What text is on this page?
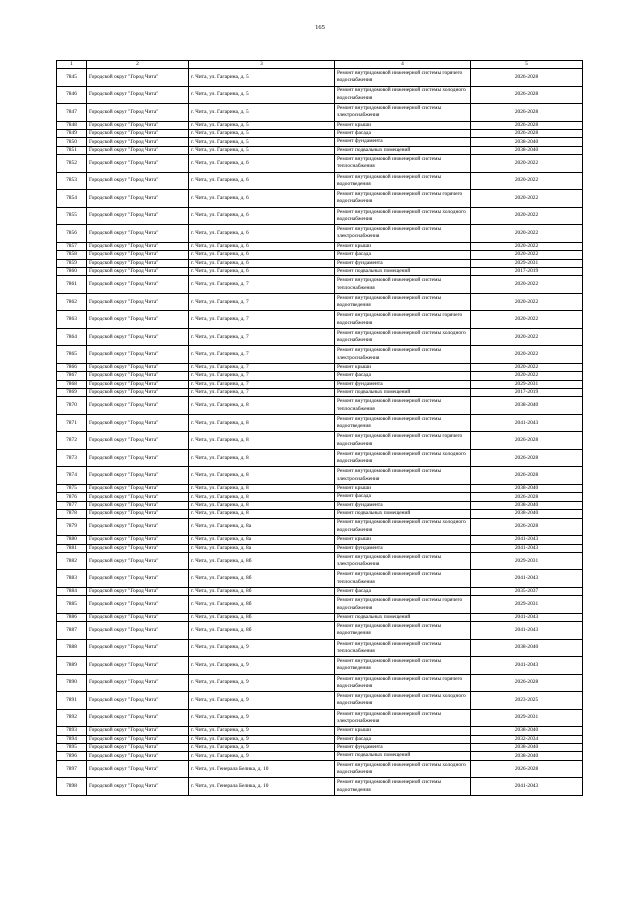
165
1	2	3	4	5
7845	Городской округ "Город Чита"	г. Чита, ул. Гагарина, д. 5	Ремонт внутридомовой инженерной системы горячего водоснабжения	2026-2028
7846	Городской округ "Город Чита"	г. Чита, ул. Гагарина, д. 5	Ремонт внутридомовой инженерной системы холодного водоснабжения	2026-2028
7847	Городской округ "Город Чита"	г. Чита, ул. Гагарина, д. 5	Ремонт внутридомовой инженерной системы электроснабжения	2026-2028
7848	Городской округ "Город Чита"	г. Чита, ул. Гагарина, д. 5	Ремонт крыши	2026-2028
7849	Городской округ "Город Чита"	г. Чита, ул. Гагарина, д. 5	Ремонт фасада	2026-2028
7850	Городской округ "Город Чита"	г. Чита, ул. Гагарина, д. 5	Ремонт фундамента	2038-2040
7851	Городской округ "Город Чита"	г. Чита, ул. Гагарина, д. 5	Ремонт подвальных помещений	2038-2040
7852	Городской округ "Город Чита"	г. Чита, ул. Гагарина, д. 6	Ремонт внутридомовой инженерной системы теплоснабжения	2020-2022
7853	Городской округ "Город Чита"	г. Чита, ул. Гагарина, д. 6	Ремонт внутридомовой инженерной системы водоотведения	2020-2022
7854	Городской округ "Город Чита"	г. Чита, ул. Гагарина, д. 6	Ремонт внутридомовой инженерной системы горячего водоснабжения	2020-2022
7855	Городской округ "Город Чита"	г. Чита, ул. Гагарина, д. 6	Ремонт внутридомовой инженерной системы холодного водоснабжения	2020-2022
7856	Городской округ "Город Чита"	г. Чита, ул. Гагарина, д. 6	Ремонт внутридомовой инженерной системы электроснабжения	2020-2022
7857	Городской округ "Город Чита"	г. Чита, ул. Гагарина, д. 6	Ремонт крыши	2020-2022
7858	Городской округ "Город Чита"	г. Чита, ул. Гагарина, д. 6	Ремонт фасада	2020-2022
7859	Городской округ "Город Чита"	г. Чита, ул. Гагарина, д. 6	Ремонт фундамента	2029-2031
7860	Городской округ "Город Чита"	г. Чита, ул. Гагарина, д. 6	Ремонт подвальных помещений	2017-2019
7861	Городской округ "Город Чита"	г. Чита, ул. Гагарина, д. 7	Ремонт внутридомовой инженерной системы теплоснабжения	2020-2022
7862	Городской округ "Город Чита"	г. Чита, ул. Гагарина, д. 7	Ремонт внутридомовой инженерной системы водоотведения	2020-2022
7863	Городской округ "Город Чита"	г. Чита, ул. Гагарина, д. 7	Ремонт внутридомовой инженерной системы горячего водоснабжения	2020-2022
7864	Городской округ "Город Чита"	г. Чита, ул. Гагарина, д. 7	Ремонт внутридомовой инженерной системы холодного водоснабжения	2020-2022
7865	Городской округ "Город Чита"	г. Чита, ул. Гагарина, д. 7	Ремонт внутридомовой инженерной системы электроснабжения	2020-2022
7866	Городской округ "Город Чита"	г. Чита, ул. Гагарина, д. 7	Ремонт крыши	2020-2022
7867	Городской округ "Город Чита"	г. Чита, ул. Гагарина, д. 7	Ремонт фасада	2020-2022
7868	Городской округ "Город Чита"	г. Чита, ул. Гагарина, д. 7	Ремонт фундамента	2029-2031
7869	Городской округ "Город Чита"	г. Чита, ул. Гагарина, д. 7	Ремонт подвальных помещений	2017-2019
7870	Городской округ "Город Чита"	г. Чита, ул. Гагарина, д. 8	Ремонт внутридомовой инженерной системы теплоснабжения	2038-2040
7871	Городской округ "Город Чита"	г. Чита, ул. Гагарина, д. 8	Ремонт внутридомовой инженерной системы водоотведения	2041-2043
7872	Городской округ "Город Чита"	г. Чита, ул. Гагарина, д. 8	Ремонт внутридомовой инженерной системы горячего водоснабжения	2026-2028
7873	Городской округ "Город Чита"	г. Чита, ул. Гагарина, д. 8	Ремонт внутридомовой инженерной системы холодного водоснабжения	2026-2028
7874	Городской округ "Город Чита"	г. Чита, ул. Гагарина, д. 8	Ремонт внутридомовой инженерной системы электроснабжения	2026-2028
7875	Городской округ "Город Чита"	г. Чита, ул. Гагарина, д. 8	Ремонт крыши	2038-2040
7876	Городской округ "Город Чита"	г. Чита, ул. Гагарина, д. 8	Ремонт фасада	2026-2028
7877	Городской округ "Город Чита"	г. Чита, ул. Гагарина, д. 8	Ремонт фундамента	2038-2040
7878	Городской округ "Город Чита"	г. Чита, ул. Гагарина, д. 8	Ремонт подвальных помещений	2038-2040
7879	Городской округ "Город Чита"	г. Чита, ул. Гагарина, д. 8а	Ремонт внутридомовой инженерной системы холодного водоснабжения	2026-2028
7880	Городской округ "Город Чита"	г. Чита, ул. Гагарина, д. 8а	Ремонт крыши	2041-2043
7881	Городской округ "Город Чита"	г. Чита, ул. Гагарина, д. 8а	Ремонт фундамента	2041-2043
7882	Городской округ "Город Чита"	г. Чита, ул. Гагарина, д. 8б	Ремонт внутридомовой инженерной системы электроснабжения	2029-2031
7883	Городской округ "Город Чита"	г. Чита, ул. Гагарина, д. 8б	Ремонт внутридомовой инженерной системы теплоснабжения	2041-2043
7884	Городской округ "Город Чита"	г. Чита, ул. Гагарина, д. 8б	Ремонт фасада	2035-2037
7885	Городской округ "Город Чита"	г. Чита, ул. Гагарина, д. 8б	Ремонт внутридомовой инженерной системы горячего водоснабжения	2029-2031
7886	Городской округ "Город Чита"	г. Чита, ул. Гагарина, д. 8б	Ремонт подвальных помещений	2041-2043
7887	Городской округ "Город Чита"	г. Чита, ул. Гагарина, д. 8б	Ремонт внутридомовой инженерной системы водоотведения	2041-2043
7888	Городской округ "Город Чита"	г. Чита, ул. Гагарина, д. 9	Ремонт внутридомовой инженерной системы теплоснабжения	2038-2040
7889	Городской округ "Город Чита"	г. Чита, ул. Гагарина, д. 9	Ремонт внутридомовой инженерной системы водоотведения	2041-2043
7890	Городской округ "Город Чита"	г. Чита, ул. Гагарина, д. 9	Ремонт внутридомовой инженерной системы горячего водоснабжения	2026-2028
7891	Городской округ "Город Чита"	г. Чита, ул. Гагарина, д. 9	Ремонт внутридомовой инженерной системы холодного водоснабжения	2023-2025
7892	Городской округ "Город Чита"	г. Чита, ул. Гагарина, д. 9	Ремонт внутридомовой инженерной системы электроснабжения	2029-2031
7893	Городской округ "Город Чита"	г. Чита, ул. Гагарина, д. 9	Ремонт крыши	2038-2040
7894	Городской округ "Город Чита"	г. Чита, ул. Гагарина, д. 9	Ремонт фасада	2032-2034
7895	Городской округ "Город Чита"	г. Чита, ул. Гагарина, д. 9	Ремонт фундамента	2038-2040
7896	Городской округ "Город Чита"	г. Чита, ул. Гагарина, д. 9	Ремонт подвальных помещений	2038-2040
7897	Городской округ "Город Чита"	г. Чита, ул. Генерала Белика, д. 10	Ремонт внутридомовой инженерной системы холодного водоснабжения	2026-2028
7898	Городской округ "Город Чита"	г. Чита, ул. Генерала Белика, д. 10	Ремонт внутридомовой инженерной системы водоотведения	2041-2043
